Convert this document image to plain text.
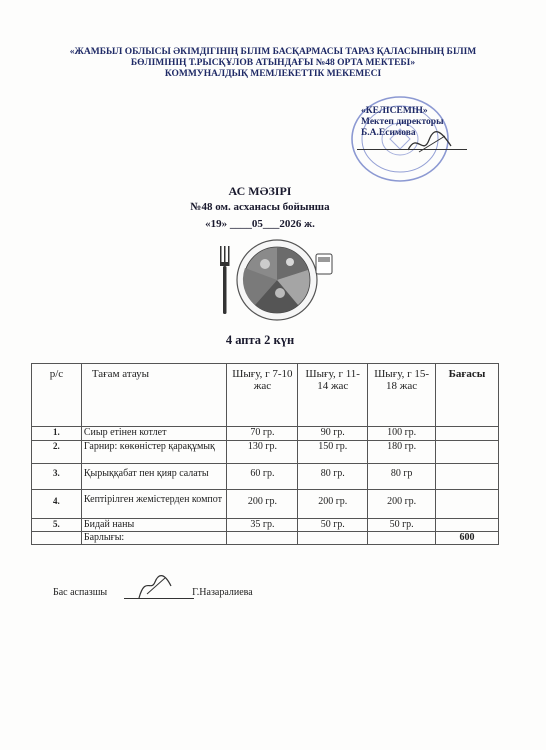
«ЖАМБЫЛ ОБЛЫСЫ ӘКІМДІГІНІҢ БІЛІМ БАСҚАРМАСЫ ТАРАЗ ҚАЛАСЫНЫҢ БІЛІМ
БӨЛІМІНІҢ Т.РЫСҚҰЛОВ АТЫНДАҒЫ №48 ОРТА МЕКТЕБІ»
КОММУНАЛДЫҚ МЕМЛЕКЕТТІК МЕКЕМЕСІ
«КЕЛІСЕМІН»
Мектеп директоры
Б.А.Есимова
АС МӘЗІРІ
№48 ом. асханасы бойынша
«19» ____05___2026 ж.
4 апта 2 күн
р/с	Тағам атауы	Шығу, г 7-10 жас	Шығу, г 11-14 жас	Шығу, г 15-18 жас	Бағасы
1.	Сиыр етінен котлет	70 гр.	90 гр.	100 гр.	
2.	Гарнир: көкөністер қарақұмық	130 гр.	150 гр.	180 гр.	
3.	Қырыққабат пен қияр салаты	60 гр.	80 гр.	80 гр	
4.	Кептірілген жемістерден компот	200 гр.	200 гр.	200 гр.	
5.	Бидай наны	35 гр.	50 гр.	50 гр.	
	Барлығы:				600
Бас аспазшы	Г.Назаралиева
